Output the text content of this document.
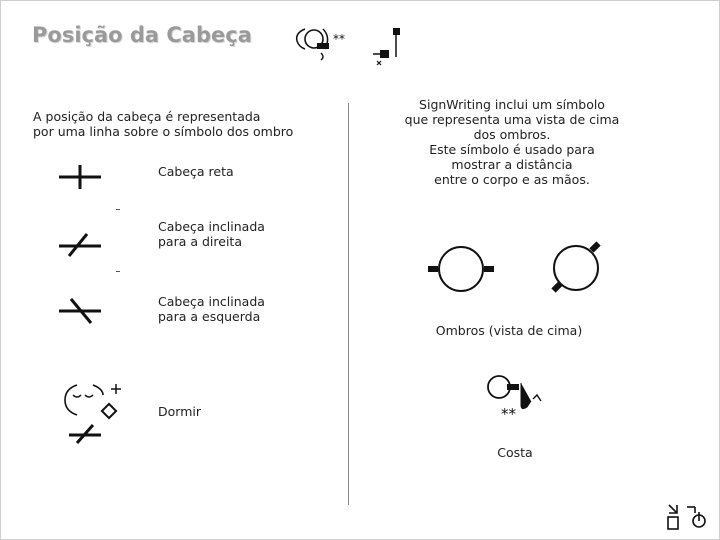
Posição da Cabeça	**
A posição da cabeça é representada
por uma linha sobre o símbolo dos ombro
Cabeça reta
Cabeça inclinada
para a direita
Cabeça inclinada
para a esquerda
Dormir
SignWriting inclui um símbolo
que representa uma vista de cima
dos ombros.
Este símbolo é usado para
mostrar a distância
entre o corpo e as mãos.
Ombros (vista de cima)
**
Costa
